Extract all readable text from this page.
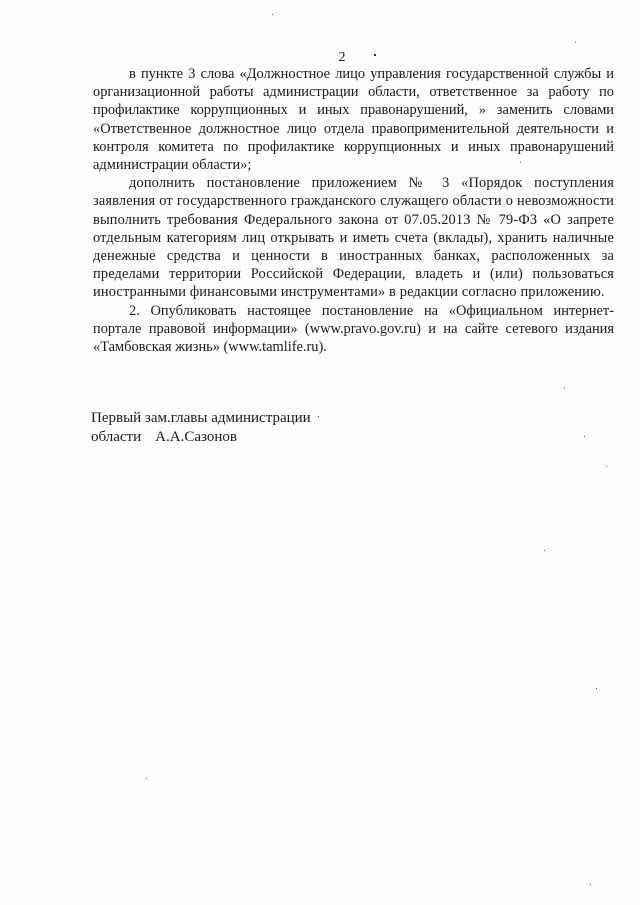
2

в пункте 3 слова «Должностное лицо управления государственной службы и организационной работы администрации области, ответственное за работу по профилактике коррупционных и иных правонарушений, » заменить словами «Ответственное должностное лицо отдела правоприменительной деятельности и контроля комитета по профилактике коррупционных и иных правонарушений администрации области»;

дополнить постановление приложением № 3 «Порядок поступления заявления от государственного гражданского служащего области о невозможности выполнить требования Федерального закона от 07.05.2013 № 79-ФЗ «О запрете отдельным категориям лиц открывать и иметь счета (вклады), хранить наличные денежные средства и ценности в иностранных банках, расположенных за пределами территории Российской Федерации, владеть и (или) пользоваться иностранными финансовыми инструментами» в редакции согласно приложению.

2. Опубликовать настоящее постановление на «Официальном интернет-портале правовой информации» (www.pravo.gov.ru) и на сайте сетевого издания «Тамбовская жизнь» (www.tamlife.ru).

Первый зам.главы администрации

области А.А.Сазонов
